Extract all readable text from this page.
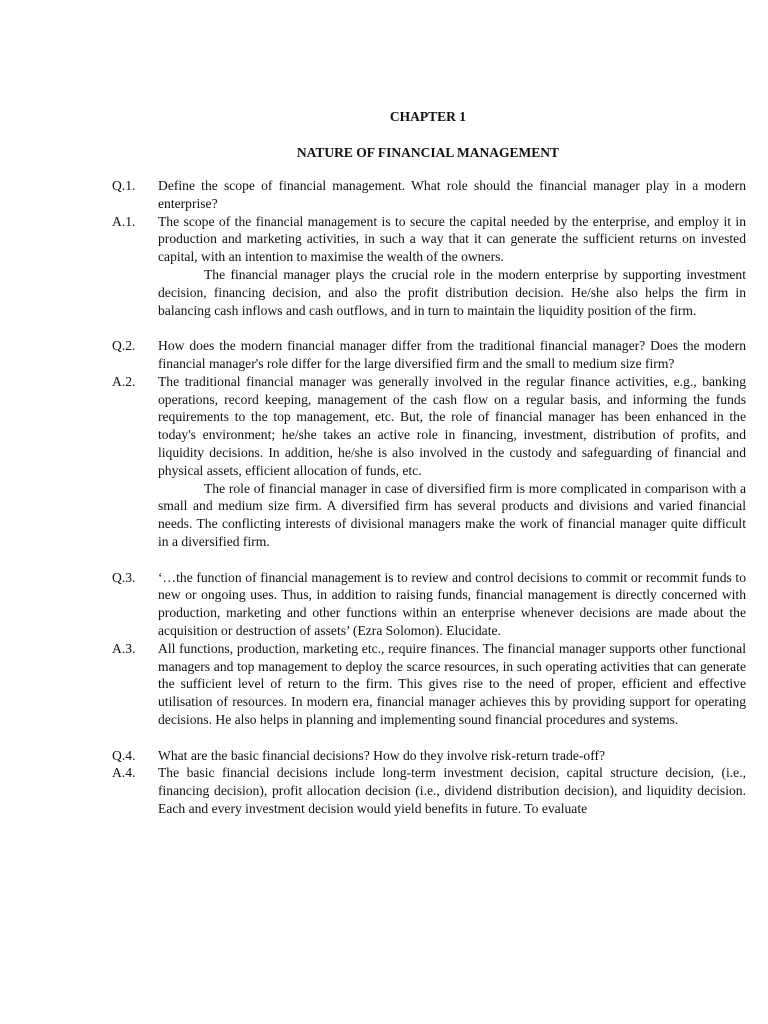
CHAPTER 1
NATURE OF FINANCIAL MANAGEMENT
Q.1.	Define the scope of financial management. What role should the financial manager play in a modern enterprise?
A.1.	The scope of the financial management is to secure the capital needed by the enterprise, and employ it in production and marketing activities, in such a way that it can generate the sufficient returns on invested capital, with an intention to maximise the wealth of the owners.
The financial manager plays the crucial role in the modern enterprise by supporting investment decision, financing decision, and also the profit distribution decision. He/she also helps the firm in balancing cash inflows and cash outflows, and in turn to maintain the liquidity position of the firm.
Q.2.	How does the modern financial manager differ from the traditional financial manager? Does the modern financial manager's role differ for the large diversified firm and the small to medium size firm?
A.2.	The traditional financial manager was generally involved in the regular finance activities, e.g., banking operations, record keeping, management of the cash flow on a regular basis, and informing the funds requirements to the top management, etc. But, the role of financial manager has been enhanced in the today's environment; he/she takes an active role in financing, investment, distribution of profits, and liquidity decisions. In addition, he/she is also involved in the custody and safeguarding of financial and physical assets, efficient allocation of funds, etc.
The role of financial manager in case of diversified firm is more complicated in comparison with a small and medium size firm. A diversified firm has several products and divisions and varied financial needs. The conflicting interests of divisional managers make the work of financial manager quite difficult in a diversified firm.
Q.3.	‘…the function of financial management is to review and control decisions to commit or recommit funds to new or ongoing uses. Thus, in addition to raising funds, financial management is directly concerned with production, marketing and other functions within an enterprise whenever decisions are made about the acquisition or destruction of assets’ (Ezra Solomon). Elucidate.
A.3.	All functions, production, marketing etc., require finances. The financial manager supports other functional managers and top management to deploy the scarce resources, in such operating activities that can generate the sufficient level of return to the firm. This gives rise to the need of proper, efficient and effective utilisation of resources. In modern era, financial manager achieves this by providing support for operating decisions. He also helps in planning and implementing sound financial procedures and systems.
Q.4.	What are the basic financial decisions? How do they involve risk-return trade-off?
A.4.	The basic financial decisions include long-term investment decision, capital structure decision, (i.e., financing decision), profit allocation decision (i.e., dividend distribution decision), and liquidity decision. Each and every investment decision would yield benefits in future. To evaluate
